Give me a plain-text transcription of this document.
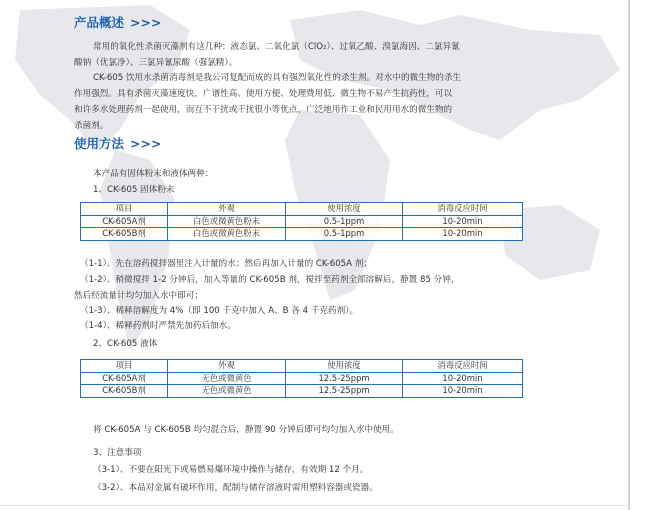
产品概述 >>>
常用的氧化性杀菌灭藻剂有这几种：液态氯、二氧化氯（ClO₂）、过氧乙酸、溴氯海因、二氯异氰
酸钠（优氯净）、三氯异氰尿酸（强氯精）。
CK-605 饮用水杀菌消毒剂是我公司复配而成的具有强烈氧化性的杀生剂。对水中的微生物的杀生
作用强烈。具有杀菌灭藻速度快，广谱性高、使用方便、处理费用低、微生物不易产生抗药性，可以
和许多水处理药剂一起使用，而互不干扰或干扰很小等优点，广泛地用作工业和民用用水的微生物的
杀菌剂。
使用方法 >>>
本产品有固体粉末和液体两种：
1、CK-605 固体粉末
项目	外观	使用浓度	消毒反应时间
CK-605A剂	白色或微黄色粉末	0.5-1ppm	10-20min
CK-605B剂	白色或微黄色粉末	0.5-1ppm	10-20min
（1-1）、先在溶药搅拌器里注入计量的水；然后再加入计量的 CK-605A 剂；
（1-2）、稍微搅拌 1-2 分钟后，加入等量的 CK-605B 剂，搅拌至药剂全部溶解后，静置 85 分钟，
然后经流量计均匀加入水中即可；
（1-3）、稀释溶解度为 4%（即 100 千克中加入 A、B 各 4 千克药剂）。
（1-4）、稀释药剂时严禁先加药后加水。
2、CK-605 液体
项目	外观	使用浓度	消毒反应时间
CK-605A剂	无色或微黄色	12.5-25ppm	10-20min
CK-605B剂	无色或微黄色	12.5-25ppm	10-20min
将 CK-605A 与 CK-605B 均匀混合后，静置 90 分钟后即可均匀加入水中使用。
3、注意事项
（3-1）、不要在阳光下或易燃易爆环境中操作与储存，有效期 12 个月。
（3-2）、本品对金属有破坏作用，配制与储存溶液时需用塑料容器或瓷器。
